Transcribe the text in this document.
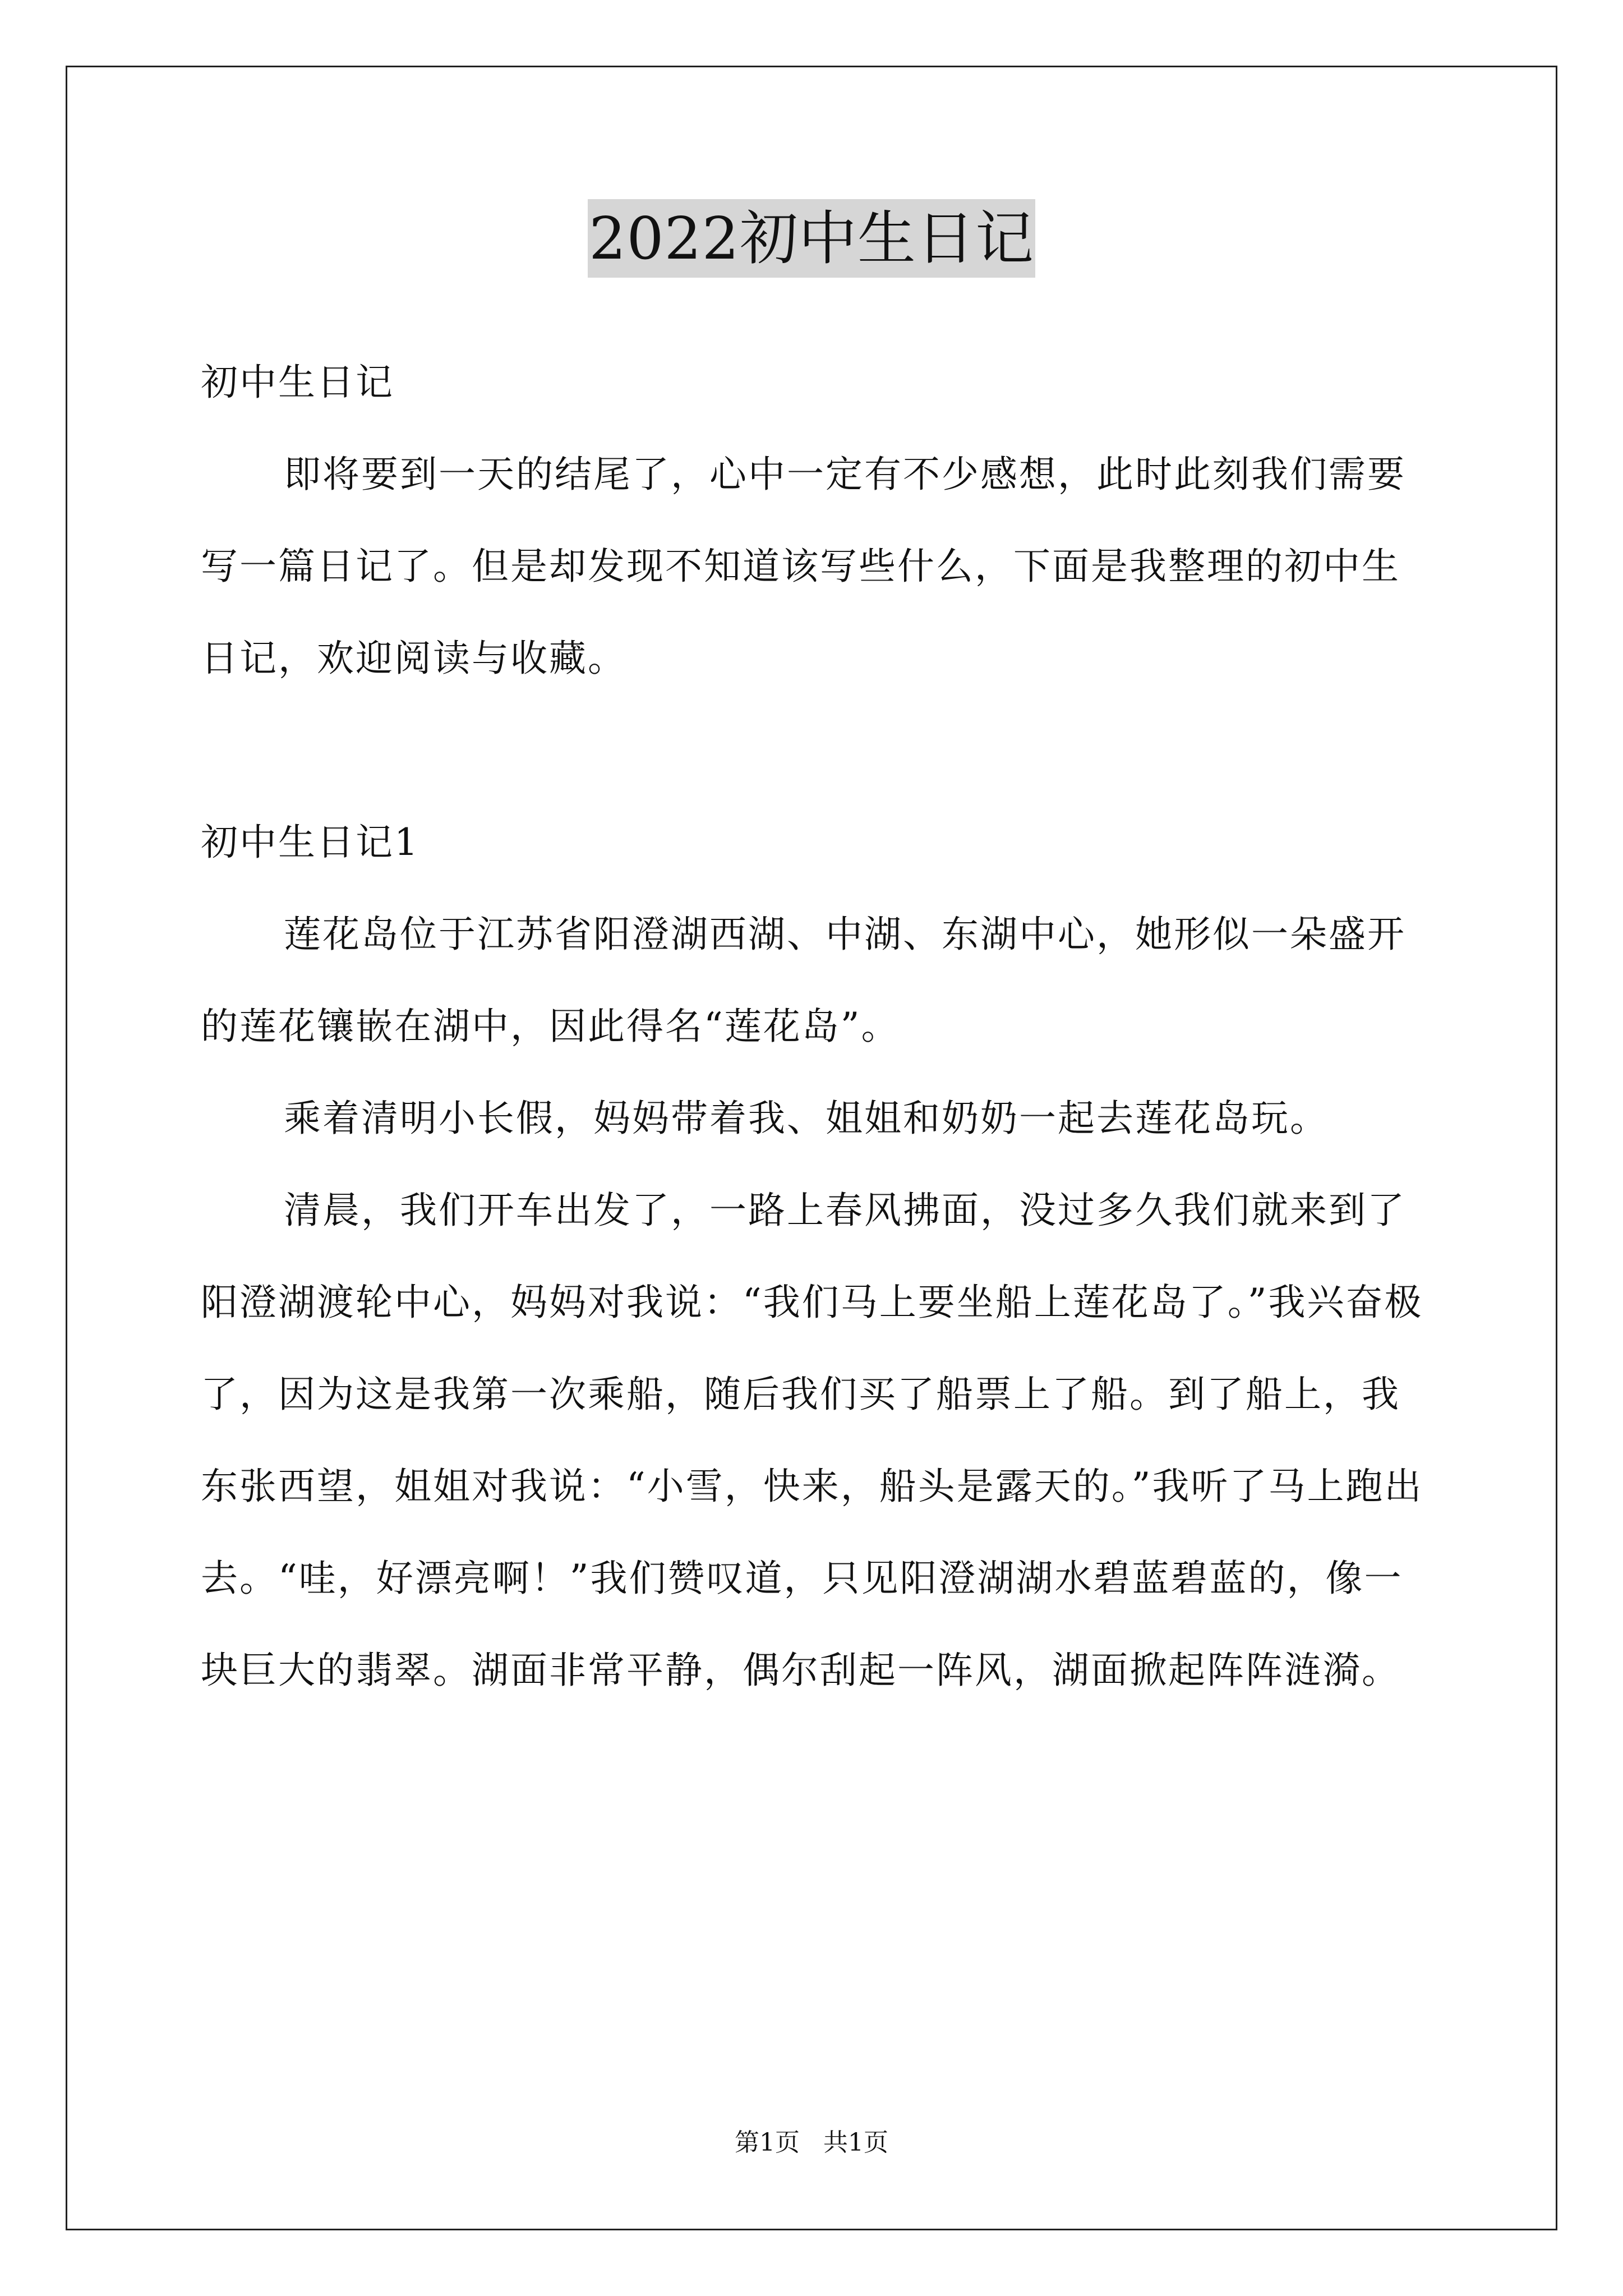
2022初中生日记

初中生日记

即将要到一天的结尾了，心中一定有不少感想，此时此刻我们需要写一篇日记了。但是却发现不知道该写些什么，下面是我整理的初中生日记，欢迎阅读与收藏。

初中生日记1

莲花岛位于江苏省阳澄湖西湖、中湖、东湖中心，她形似一朵盛开的莲花镶嵌在湖中，因此得名“莲花岛”。

乘着清明小长假，妈妈带着我、姐姐和奶奶一起去莲花岛玩。

清晨，我们开车出发了，一路上春风拂面，没过多久我们就来到了阳澄湖渡轮中心，妈妈对我说：“我们马上要坐船上莲花岛了。”我兴奋极了，因为这是我第一次乘船，随后我们买了船票上了船。到了船上，我东张西望，姐姐对我说：“小雪，快来，船头是露天的。”我听了马上跑出去。“哇，好漂亮啊！”我们赞叹道，只见阳澄湖湖水碧蓝碧蓝的，像一块巨大的翡翠。湖面非常平静，偶尔刮起一阵风，湖面掀起阵阵涟漪。

第1页 共1页
